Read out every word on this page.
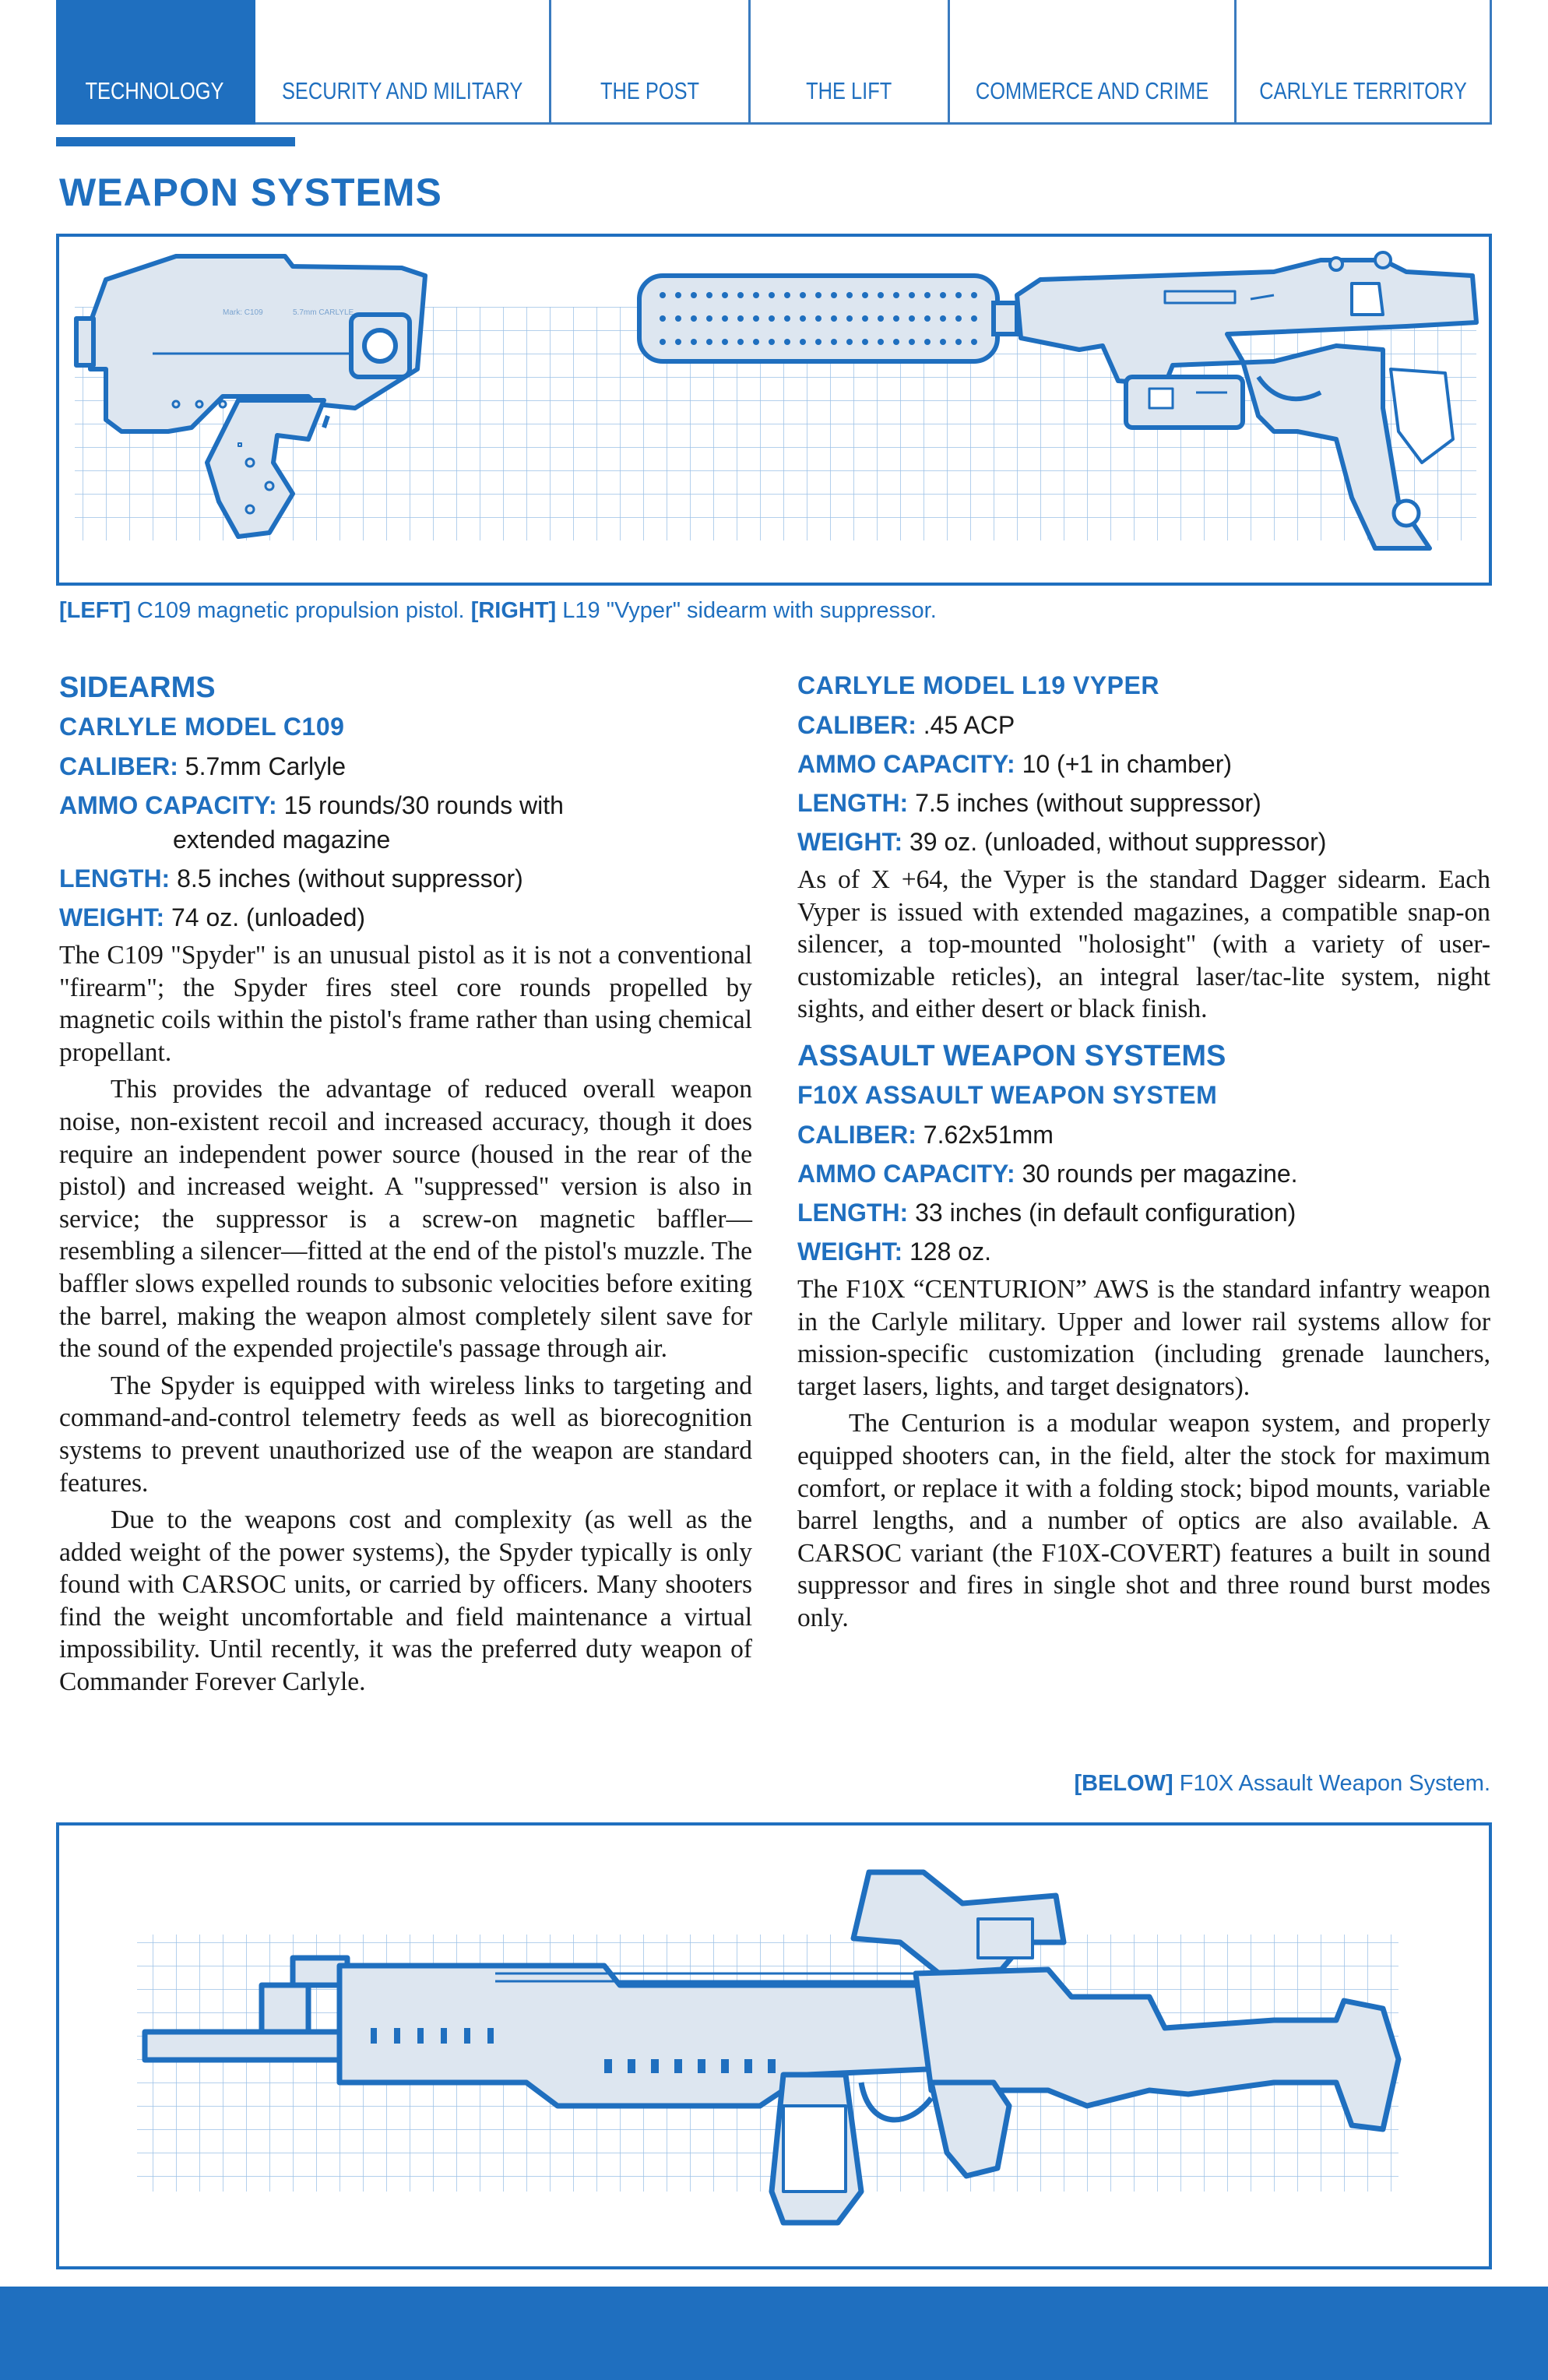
TECHNOLOGY SECURITY AND MILITARY	THE POST	THE LIFT	COMMERCE AND CRIME CARLYLE TERRITORY
WEAPON SYSTEMS
Mark: C109	5.7mm CARLYLE
[LEFT] C109 magnetic propulsion pistol. [RIGHT] L19 "Vyper" sidearm with suppressor.
SIDEARMS
CARLYLE MODEL C109
CALIBER: 5.7mm Carlyle
AMMO CAPACITY: 15 rounds/30 rounds with
extended magazine
LENGTH: 8.5 inches (without suppressor)
WEIGHT: 74 oz. (unloaded)

The C109 "Spyder" is an unusual pistol as it is not a conventional "firearm"; the Spyder fires steel core rounds propelled by magnetic coils within the pistol's frame rather than using chemical propellant.

This provides the advantage of reduced overall weapon noise, non-existent recoil and increased accuracy, though it does require an independent power source (housed in the rear of the pistol) and increased weight. A "suppressed" version is also in service; the suppressor is a screw-on magnetic baffler—resembling a silencer—fitted at the end of the pistol's muzzle. The baffler slows expelled rounds to subsonic velocities before exiting the barrel, making the weapon almost completely silent save for the sound of the expended projectile's passage through air.

The Spyder is equipped with wireless links to targeting and command-and-control telemetry feeds as well as biorecognition systems to prevent unauthorized use of the weapon are standard features.

Due to the weapons cost and complexity (as well as the added weight of the power systems), the Spyder typically is only found with CARSOC units, or carried by officers. Many shooters find the weight uncomfortable and field maintenance a virtual impossibility. Until recently, it was the preferred duty weapon of Commander Forever Carlyle.

CARLYLE MODEL L19 VYPER
CALIBER: .45 ACP
AMMO CAPACITY: 10 (+1 in chamber)
LENGTH: 7.5 inches (without suppressor)
WEIGHT: 39 oz. (unloaded, without suppressor)

As of X +64, the Vyper is the standard Dagger sidearm. Each Vyper is issued with extended magazines, a compatible snap-on silencer, a top-mounted "holosight" (with a variety of user-customizable reticles), an integral laser/tac-lite system, night sights, and either desert or black finish.

ASSAULT WEAPON SYSTEMS
F10X ASSAULT WEAPON SYSTEM
CALIBER: 7.62x51mm
AMMO CAPACITY: 30 rounds per magazine.
LENGTH: 33 inches (in default configuration)
WEIGHT: 128 oz.

The F10X “CENTURION” AWS is the standard infantry weapon in the Carlyle military. Upper and lower rail systems allow for mission-specific customization (including grenade launchers, target lasers, lights, and target designators).

The Centurion is a modular weapon system, and properly equipped shooters can, in the field, alter the stock for maximum comfort, or replace it with a folding stock; bipod mounts, variable barrel lengths, and a number of optics are also available. A CARSOC variant (the F10X-COVERT) features a built in sound suppressor and fires in single shot and three round burst modes only.

[BELOW] F10X Assault Weapon System.
